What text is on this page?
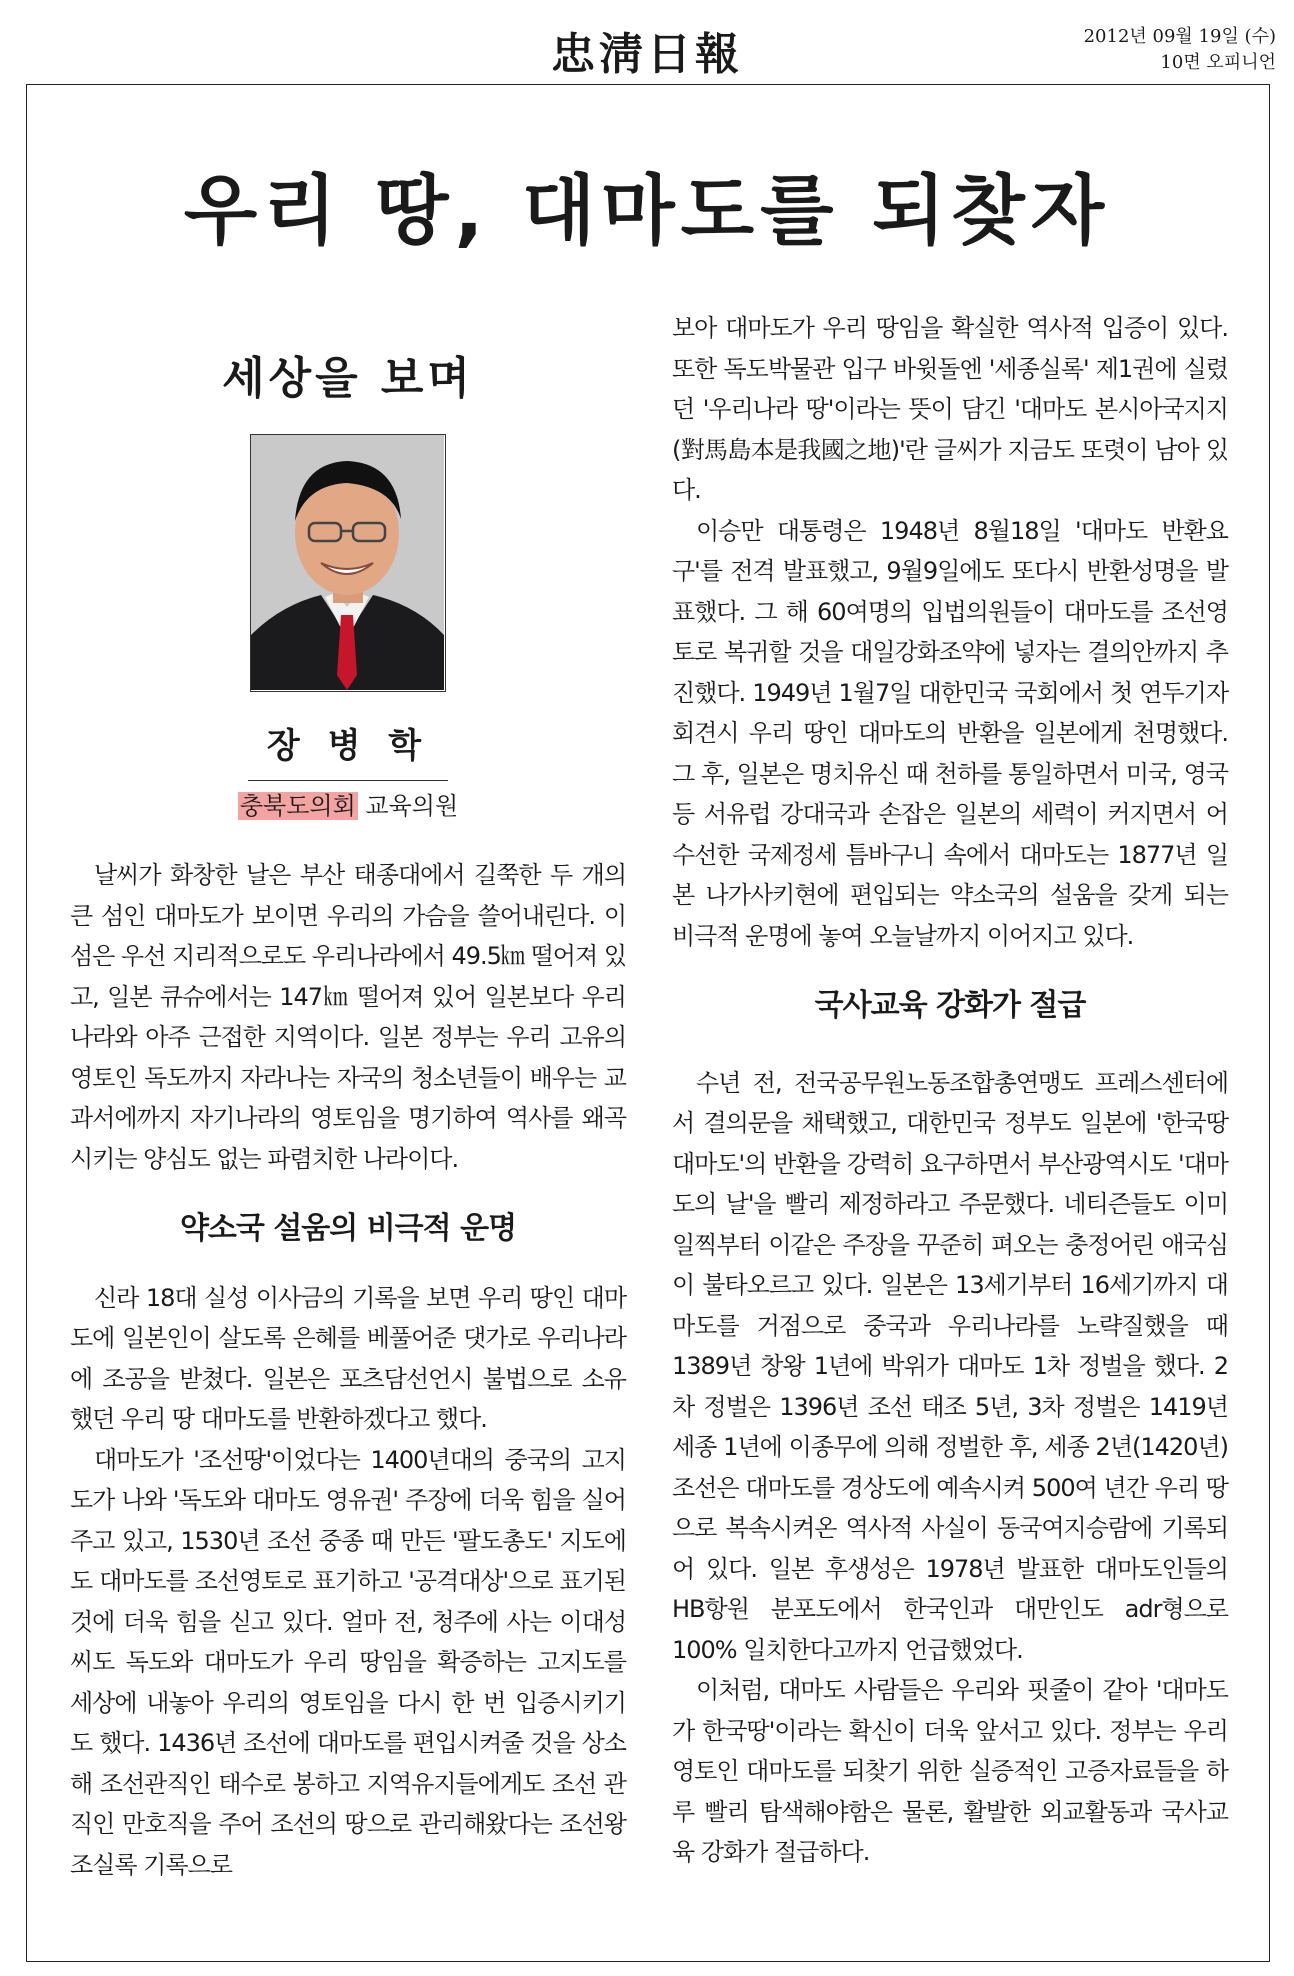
忠淸日報	2012년 09월 19일 (수)
10면 오피니언
우리 땅, 대마도를 되찾자
세상을 보며
장 병 학
충북도의회 교육의원

날씨가 화창한 날은 부산 태종대에서 길쭉한 두 개의 큰 섬인 대마도가 보이면 우리의 가슴을 쓸어내린다. 이 섬은 우선 지리적으로도 우리나라에서 49.5㎞ 떨어져 있고, 일본 큐슈에서는 147㎞ 떨어져 있어 일본보다 우리나라와 아주 근접한 지역이다. 일본 정부는 우리 고유의 영토인 독도까지 자라나는 자국의 청소년들이 배우는 교과서에까지 자기나라의 영토임을 명기하여 역사를 왜곡시키는 양심도 없는 파렴치한 나라이다.

약소국 설움의 비극적 운명

신라 18대 실성 이사금의 기록을 보면 우리 땅인 대마도에 일본인이 살도록 은혜를 베풀어준 댓가로 우리나라에 조공을 받쳤다. 일본은 포츠담선언시 불법으로 소유했던 우리 땅 대마도를 반환하겠다고 했다.

대마도가 '조선땅'이었다는 1400년대의 중국의 고지도가 나와 '독도와 대마도 영유권' 주장에 더욱 힘을 실어주고 있고, 1530년 조선 중종 때 만든 '팔도총도' 지도에도 대마도를 조선영토로 표기하고 '공격대상'으로 표기된 것에 더욱 힘을 싣고 있다. 얼마 전, 청주에 사는 이대성씨도 독도와 대마도가 우리 땅임을 확증하는 고지도를 세상에 내놓아 우리의 영토임을 다시 한 번 입증시키기도 했다. 1436년 조선에 대마도를 편입시켜줄 것을 상소해 조선관직인 태수로 봉하고 지역유지들에게도 조선 관직인 만호직을 주어 조선의 땅으로 관리해왔다는 조선왕조실록 기록으로

보아 대마도가 우리 땅임을 확실한 역사적 입증이 있다. 또한 독도박물관 입구 바윗돌엔 '세종실록' 제1권에 실렸던 '우리나라 땅'이라는 뜻이 담긴 '대마도 본시아국지지(對馬島本是我國之地)'란 글씨가 지금도 또렷이 남아 있다.

이승만 대통령은 1948년 8월18일 '대마도 반환요구'를 전격 발표했고, 9월9일에도 또다시 반환성명을 발표했다. 그 해 60여명의 입법의원들이 대마도를 조선영토로 복귀할 것을 대일강화조약에 넣자는 결의안까지 추진했다. 1949년 1월7일 대한민국 국회에서 첫 연두기자 회견시 우리 땅인 대마도의 반환을 일본에게 천명했다. 그 후, 일본은 명치유신 때 천하를 통일하면서 미국, 영국 등 서유럽 강대국과 손잡은 일본의 세력이 커지면서 어수선한 국제정세 틈바구니 속에서 대마도는 1877년 일본 나가사키현에 편입되는 약소국의 설움을 갖게 되는 비극적 운명에 놓여 오늘날까지 이어지고 있다.

국사교육 강화가 절급

수년 전, 전국공무원노동조합총연맹도 프레스센터에서 결의문을 채택했고, 대한민국 정부도 일본에 '한국땅 대마도'의 반환을 강력히 요구하면서 부산광역시도 '대마도의 날'을 빨리 제정하라고 주문했다. 네티즌들도 이미 일찍부터 이같은 주장을 꾸준히 펴오는 충정어린 애국심이 불타오르고 있다. 일본은 13세기부터 16세기까지 대마도를 거점으로 중국과 우리나라를 노략질했을 때 1389년 창왕 1년에 박위가 대마도 1차 정벌을 했다. 2차 정벌은 1396년 조선 태조 5년, 3차 정벌은 1419년 세종 1년에 이종무에 의해 정벌한 후, 세종 2년(1420년) 조선은 대마도를 경상도에 예속시켜 500여 년간 우리 땅으로 복속시켜온 역사적 사실이 동국여지승람에 기록되어 있다. 일본 후생성은 1978년 발표한 대마도인들의 HB항원 분포도에서 한국인과 대만인도 adr형으로 100% 일치한다고까지 언급했었다.

이처럼, 대마도 사람들은 우리와 핏줄이 같아 '대마도가 한국땅'이라는 확신이 더욱 앞서고 있다. 정부는 우리 영토인 대마도를 되찾기 위한 실증적인 고증자료들을 하루 빨리 탐색해야함은 물론, 활발한 외교활동과 국사교육 강화가 절급하다.
